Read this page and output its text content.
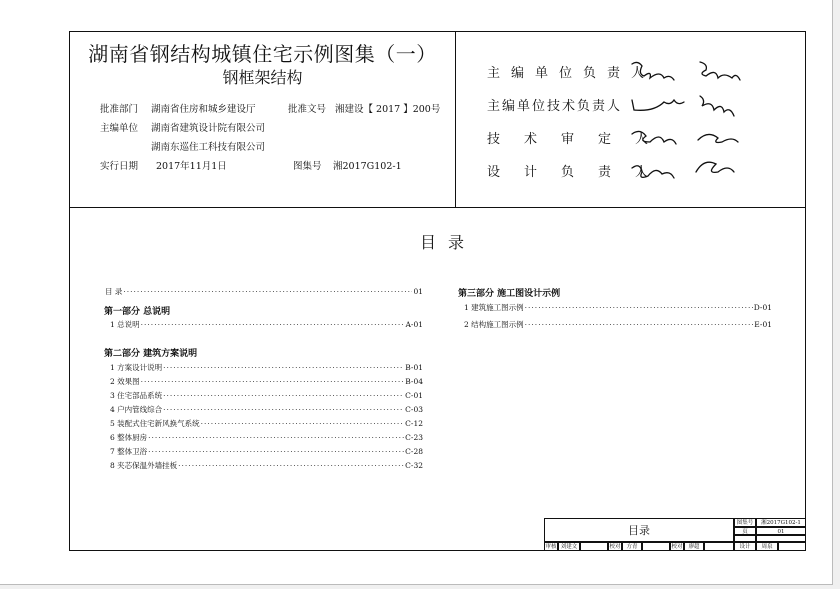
湖南省钢结构城镇住宅示例图集（一）
钢框架结构
批准部门 湖南省住房和城乡建设厅	批准文号 湘建设【 2017 】200号
主编单位 湖南省建筑设计院有限公司
湖南东巡住工科技有限公司
实行日期 2017年11月1日	图集号 湘2017G102-1
主编单位负责人
主编单位技术负责人
技术审定人
设计负责人
目录
目 录 ·····	01
第一部分 总说明
1 总说明 ·····	A-01
第二部分 建筑方案说明
1 方案设计说明 ·····	B-01
2 效果图 ·····	B-04
3 住宅部品系统 ·····	C-01
4 户内管线综合 ·····	C-03
5 装配式住宅新风换气系统 ·····	C-12
6 整体厨房 ·····	C-23
7 整体卫浴 ·····	C-28
8 夹芯保温外墙挂板 ·····	C-32
第三部分 施工图设计示例
1 建筑施工图示例 ·····	D-01
2 结构施工图示例 ·····	E-01
目录
图集号	湘2017G102-1
页	01
审核 刘建文	校对	方青	校对	廖超	设计	周泉
